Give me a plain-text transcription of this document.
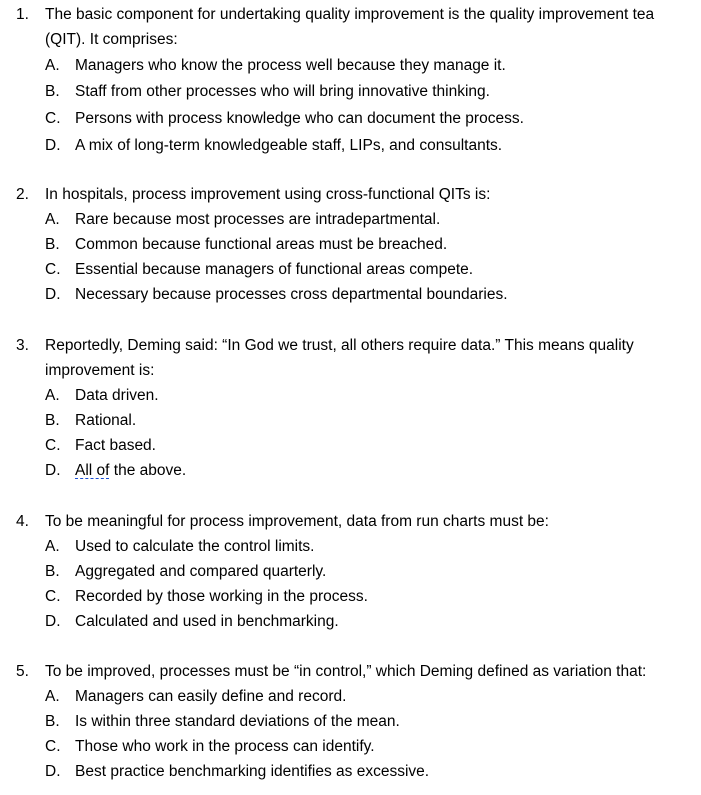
1. The basic component for undertaking quality improvement is the quality improvement tea
(QIT). It comprises:
A. Managers who know the process well because they manage it.
B. Staff from other processes who will bring innovative thinking.
C. Persons with process knowledge who can document the process.
D. A mix of long-term knowledgeable staff, LIPs, and consultants.
2. In hospitals, process improvement using cross-functional QITs is:
A. Rare because most processes are intradepartmental.
B. Common because functional areas must be breached.
C. Essential because managers of functional areas compete.
D. Necessary because processes cross departmental boundaries.
3. Reportedly, Deming said: “In God we trust, all others require data.” This means quality
improvement is:
A. Data driven.
B. Rational.
C. Fact based.
D. All of the above.
4. To be meaningful for process improvement, data from run charts must be:
A. Used to calculate the control limits.
B. Aggregated and compared quarterly.
C. Recorded by those working in the process.
D. Calculated and used in benchmarking.
5. To be improved, processes must be “in control,” which Deming defined as variation that:
A. Managers can easily define and record.
B. Is within three standard deviations of the mean.
C. Those who work in the process can identify.
D. Best practice benchmarking identifies as excessive.
